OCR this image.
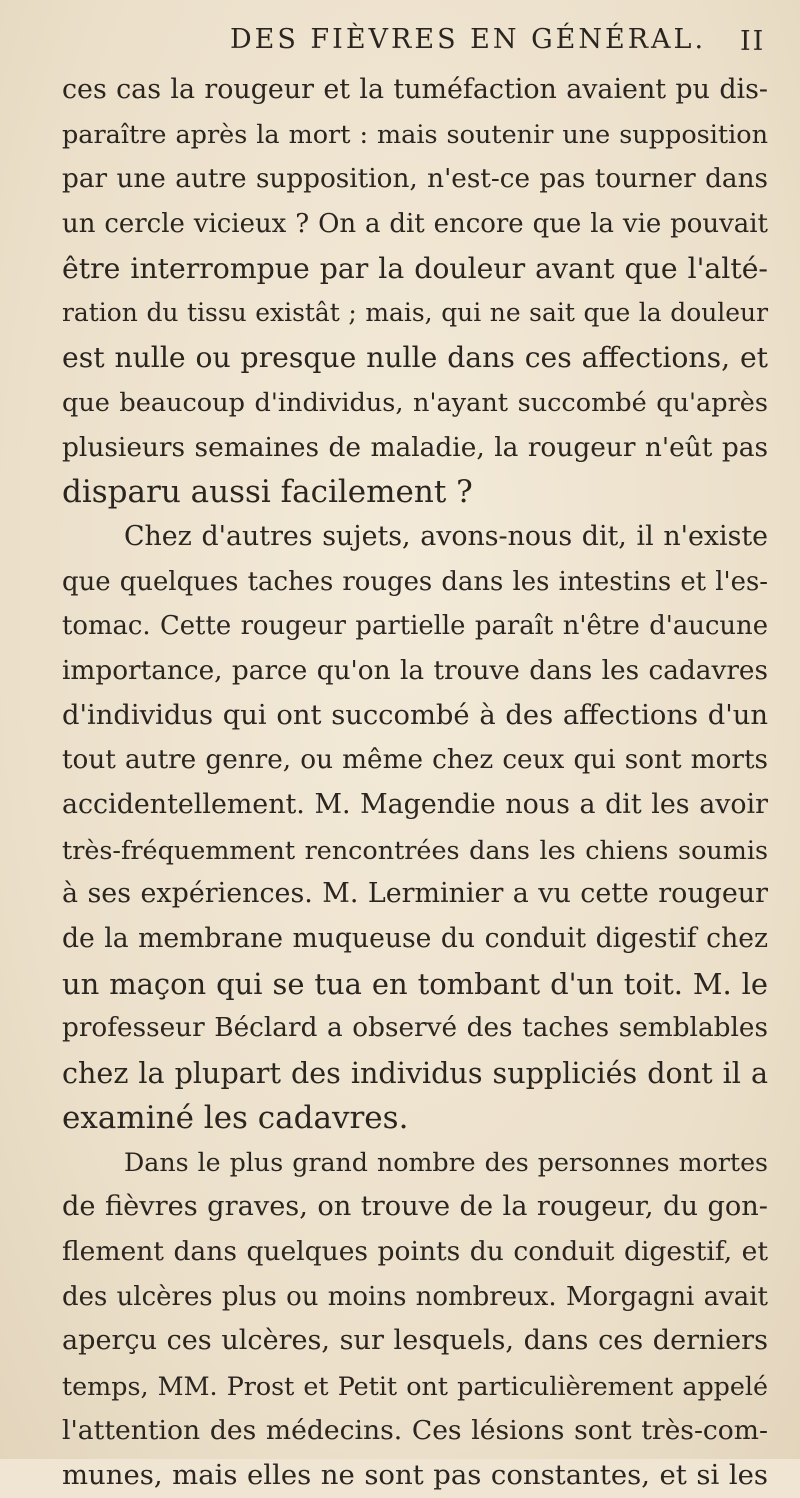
DES FIÈVRES EN GÉNÉRAL. II
ces cas la rougeur et la tuméfaction avaient pu dis-
paraître après la mort : mais soutenir une supposition
par une autre supposition, n'est-ce pas tourner dans
un cercle vicieux ? On a dit encore que la vie pouvait
être interrompue par la douleur avant que l'alté-
ration du tissu existât ; mais, qui ne sait que la douleur
est nulle ou presque nulle dans ces affections, et
que beaucoup d'individus, n'ayant succombé qu'après
plusieurs semaines de maladie, la rougeur n'eût pas
disparu aussi facilement ?
Chez d'autres sujets, avons-nous dit, il n'existe
que quelques taches rouges dans les intestins et l'es-
tomac. Cette rougeur partielle paraît n'être d'aucune
importance, parce qu'on la trouve dans les cadavres
d'individus qui ont succombé à des affections d'un
tout autre genre, ou même chez ceux qui sont morts
accidentellement. M. Magendie nous a dit les avoir
très-fréquemment rencontrées dans les chiens soumis
à ses expériences. M. Lerminier a vu cette rougeur
de la membrane muqueuse du conduit digestif chez
un maçon qui se tua en tombant d'un toit. M. le
professeur Béclard a observé des taches semblables
chez la plupart des individus suppliciés dont il a
examiné les cadavres.
Dans le plus grand nombre des personnes mortes
de fièvres graves, on trouve de la rougeur, du gon-
flement dans quelques points du conduit digestif, et
des ulcères plus ou moins nombreux. Morgagni avait
aperçu ces ulcères, sur lesquels, dans ces derniers
temps, MM. Prost et Petit ont particulièrement appelé
l'attention des médecins. Ces lésions sont très-com-
munes, mais elles ne sont pas constantes, et si les
